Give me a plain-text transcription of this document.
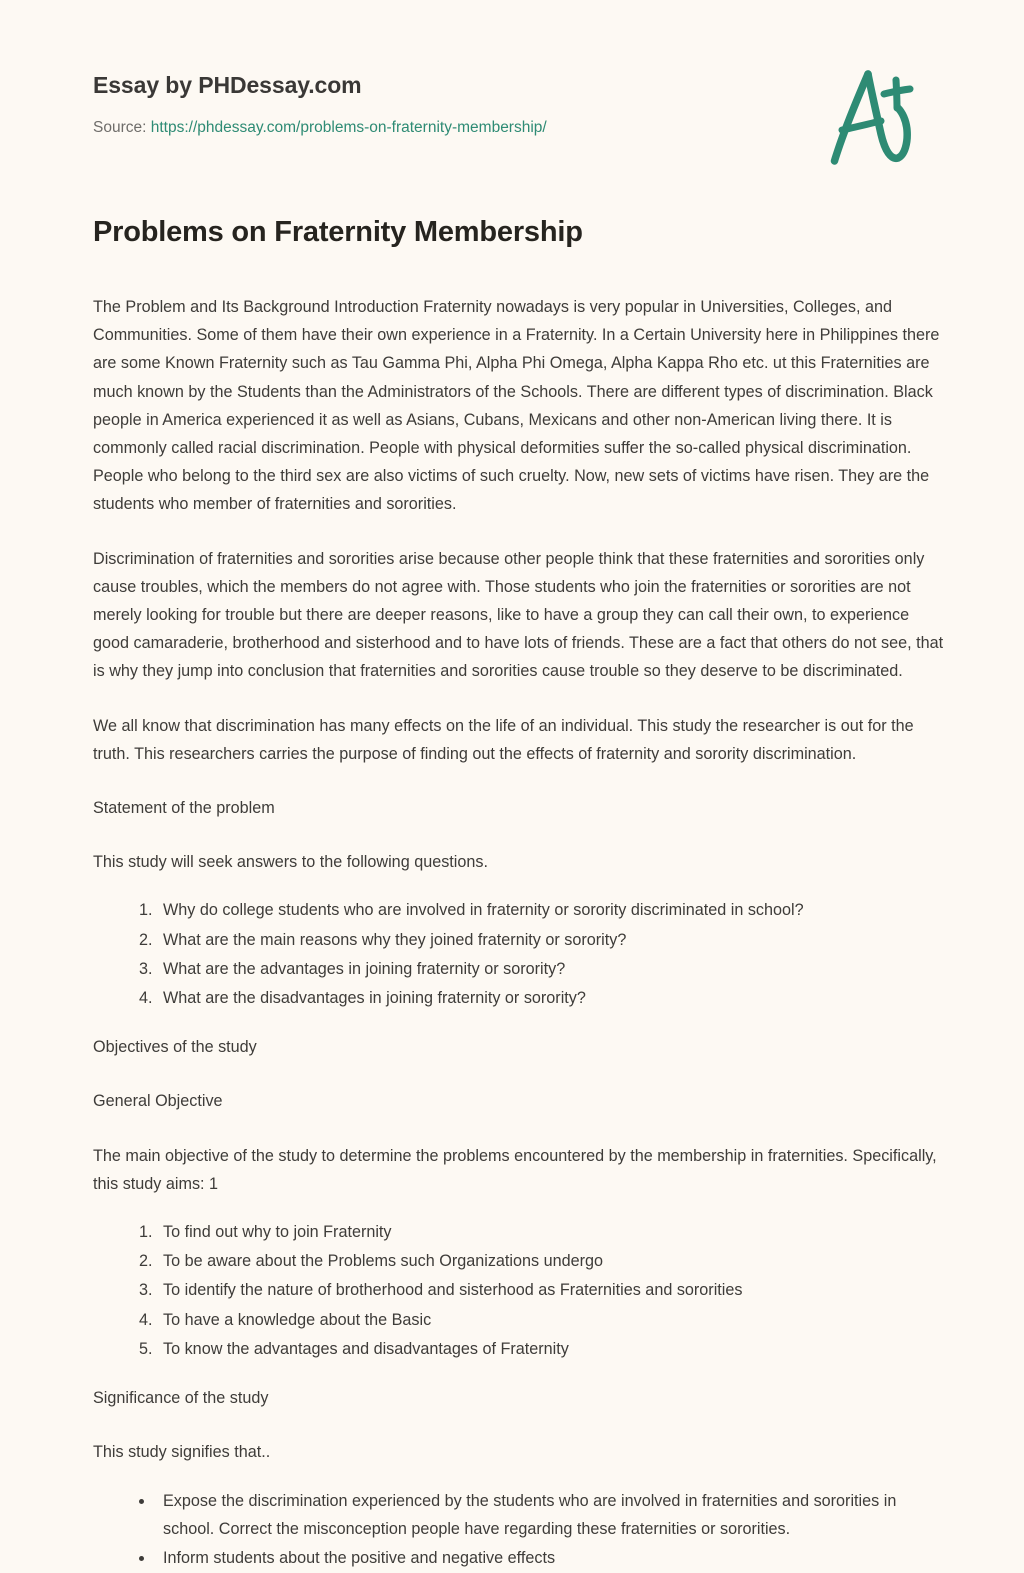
Essay by PHDessay.com
Source: https://phdessay.com/problems-on-fraternity-membership/
Problems on Fraternity Membership

The Problem and Its Background Introduction Fraternity nowadays is very popular in Universities, Colleges, and Communities. Some of them have their own experience in a Fraternity. In a Certain University here in Philippines there are some Known Fraternity such as Tau Gamma Phi, Alpha Phi Omega, Alpha Kappa Rho etc. ut this Fraternities are much known by the Students than the Administrators of the Schools. There are different types of discrimination. Black people in America experienced it as well as Asians, Cubans, Mexicans and other non-American living there. It is commonly called racial discrimination. People with physical deformities suffer the so-called physical discrimination. People who belong to the third sex are also victims of such cruelty. Now, new sets of victims have risen. They are the students who member of fraternities and sororities.

Discrimination of fraternities and sororities arise because other people think that these fraternities and sororities only cause troubles, which the members do not agree with. Those students who join the fraternities or sororities are not merely looking for trouble but there are deeper reasons, like to have a group they can call their own, to experience good camaraderie, brotherhood and sisterhood and to have lots of friends. These are a fact that others do not see, that is why they jump into conclusion that fraternities and sororities cause trouble so they deserve to be discriminated.

We all know that discrimination has many effects on the life of an individual. This study the researcher is out for the truth. This researchers carries the purpose of finding out the effects of fraternity and sorority discrimination.

Statement of the problem

This study will seek answers to the following questions.

1. Why do college students who are involved in fraternity or sorority discriminated in school?
2. What are the main reasons why they joined fraternity or sorority?
3. What are the advantages in joining fraternity or sorority?
4. What are the disadvantages in joining fraternity or sorority?

Objectives of the study

General Objective

The main objective of the study to determine the problems encountered by the membership in fraternities. Specifically, this study aims: 1

1. To find out why to join Fraternity
2. To be aware about the Problems such Organizations undergo
3. To identify the nature of brotherhood and sisterhood as Fraternities and sororities
4. To have a knowledge about the Basic
5. To know the advantages and disadvantages of Fraternity

Significance of the study

This study signifies that..

• Expose the discrimination experienced by the students who are involved in fraternities and sororities in school. Correct the misconception people have regarding these fraternities or sororities.
• Inform students about the positive and negative effects
